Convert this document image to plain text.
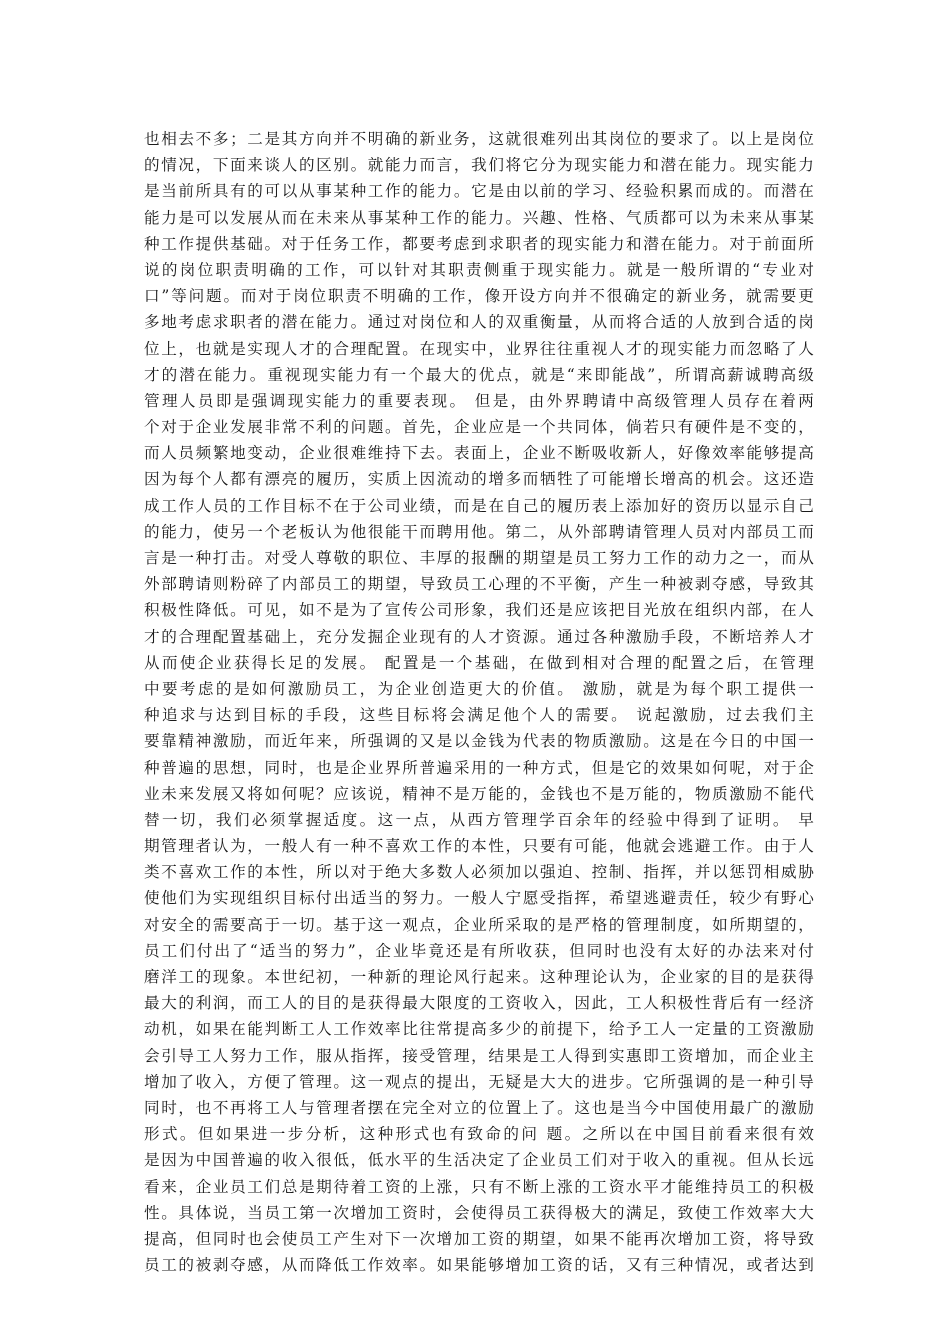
也相去不多；二是其方向并不明确的新业务，这就很难列出其岗位的要求了。以上是岗位
的情况，下面来谈人的区别。就能力而言，我们将它分为现实能力和潜在能力。现实能力
是当前所具有的可以从事某种工作的能力。它是由以前的学习、经验积累而成的。而潜在
能力是可以发展从而在未来从事某种工作的能力。兴趣、性格、气质都可以为未来从事某
种工作提供基础。对于任务工作，都要考虑到求职者的现实能力和潜在能力。对于前面所
说的岗位职责明确的工作，可以针对其职责侧重于现实能力。就是一般所谓的“专业对
口”等问题。而对于岗位职责不明确的工作，像开设方向并不很确定的新业务，就需要更
多地考虑求职者的潜在能力。通过对岗位和人的双重衡量，从而将合适的人放到合适的岗
位上，也就是实现人才的合理配置。在现实中，业界往往重视人才的现实能力而忽略了人
才的潜在能力。重视现实能力有一个最大的优点，就是“来即能战”，所谓高薪诚聘高级
管理人员即是强调现实能力的重要表现。 但是，由外界聘请中高级管理人员存在着两
个对于企业发展非常不利的问题。首先，企业应是一个共同体，倘若只有硬件是不变的，
而人员频繁地变动，企业很难维持下去。表面上，企业不断吸收新人，好像效率能够提高
因为每个人都有漂亮的履历，实质上因流动的增多而牺牲了可能增长增高的机会。这还造
成工作人员的工作目标不在于公司业绩，而是在自己的履历表上添加好的资历以显示自己
的能力，使另一个老板认为他很能干而聘用他。第二，从外部聘请管理人员对内部员工而
言是一种打击。对受人尊敬的职位、丰厚的报酬的期望是员工努力工作的动力之一，而从
外部聘请则粉碎了内部员工的期望，导致员工心理的不平衡，产生一种被剥夺感，导致其
积极性降低。可见，如不是为了宣传公司形象，我们还是应该把目光放在组织内部，在人
才的合理配置基础上，充分发掘企业现有的人才资源。通过各种激励手段，不断培养人才
从而使企业获得长足的发展。 配置是一个基础，在做到相对合理的配置之后，在管理
中要考虑的是如何激励员工，为企业创造更大的价值。 激励，就是为每个职工提供一
种追求与达到目标的手段，这些目标将会满足他个人的需要。 说起激励，过去我们主
要靠精神激励，而近年来，所强调的又是以金钱为代表的物质激励。这是在今日的中国一
种普遍的思想，同时，也是企业界所普遍采用的一种方式，但是它的效果如何呢，对于企
业未来发展又将如何呢？应该说，精神不是万能的，金钱也不是万能的，物质激励不能代
替一切，我们必须掌握适度。这一点，从西方管理学百余年的经验中得到了证明。 早
期管理者认为，一般人有一种不喜欢工作的本性，只要有可能，他就会逃避工作。由于人
类不喜欢工作的本性，所以对于绝大多数人必须加以强迫、控制、指挥，并以惩罚相威胁
使他们为实现组织目标付出适当的努力。一般人宁愿受指挥，希望逃避责任，较少有野心
对安全的需要高于一切。基于这一观点，企业所采取的是严格的管理制度，如所期望的，
员工们付出了“适当的努力”，企业毕竟还是有所收获，但同时也没有太好的办法来对付
磨洋工的现象。本世纪初，一种新的理论风行起来。这种理论认为，企业家的目的是获得
最大的利润，而工人的目的是获得最大限度的工资收入，因此，工人积极性背后有一经济
动机，如果在能判断工人工作效率比往常提高多少的前提下，给予工人一定量的工资激励
会引导工人努力工作，服从指挥，接受管理，结果是工人得到实惠即工资增加，而企业主
增加了收入，方便了管理。这一观点的提出，无疑是大大的进步。它所强调的是一种引导
同时，也不再将工人与管理者摆在完全对立的位置上了。这也是当今中国使用最广的激励
形式。但如果进一步分析，这种形式也有致命的问 题。之所以在中国目前看来很有效
是因为中国普遍的收入很低，低水平的生活决定了企业员工们对于收入的重视。但从长远
看来，企业员工们总是期待着工资的上涨，只有不断上涨的工资水平才能维持员工的积极
性。具体说，当员工第一次增加工资时，会使得员工获得极大的满足，致使工作效率大大
提高，但同时也会使员工产生对下一次增加工资的期望，如果不能再次增加工资，将导致
员工的被剥夺感，从而降低工作效率。如果能够增加工资的话，又有三种情况，或者达到
